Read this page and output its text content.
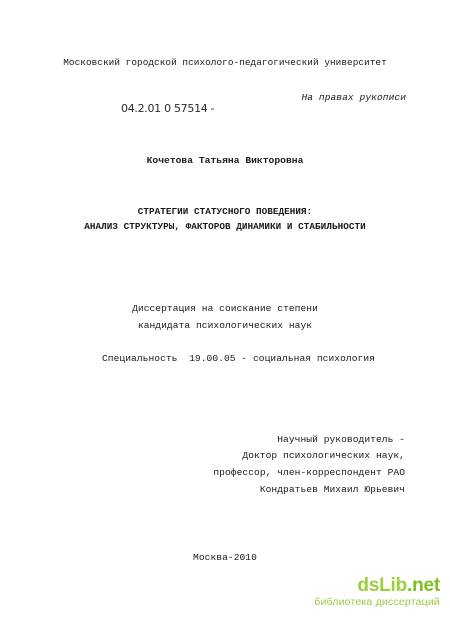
Московский городской психолого-педагогический университет
04.2.01 0 57514 -
На правах рукописи
Кочетова Татьяна Викторовна
СТРАТЕГИИ СТАТУСНОГО ПОВЕДЕНИЯ:
АНАЛИЗ СТРУКТУРЫ, ФАКТОРОВ ДИНАМИКИ И СТАБИЛЬНОСТИ
Диссертация на соискание степени
кандидата психологических наук
Специальность  19.00.05 - социальная психология
Научный руководитель -
Доктор психологических наук,
профессор, член-корреспондент РАО
Кондратьев Михаил Юрьевич
Москва-2010
dsLib.net
библиотека диссертаций
